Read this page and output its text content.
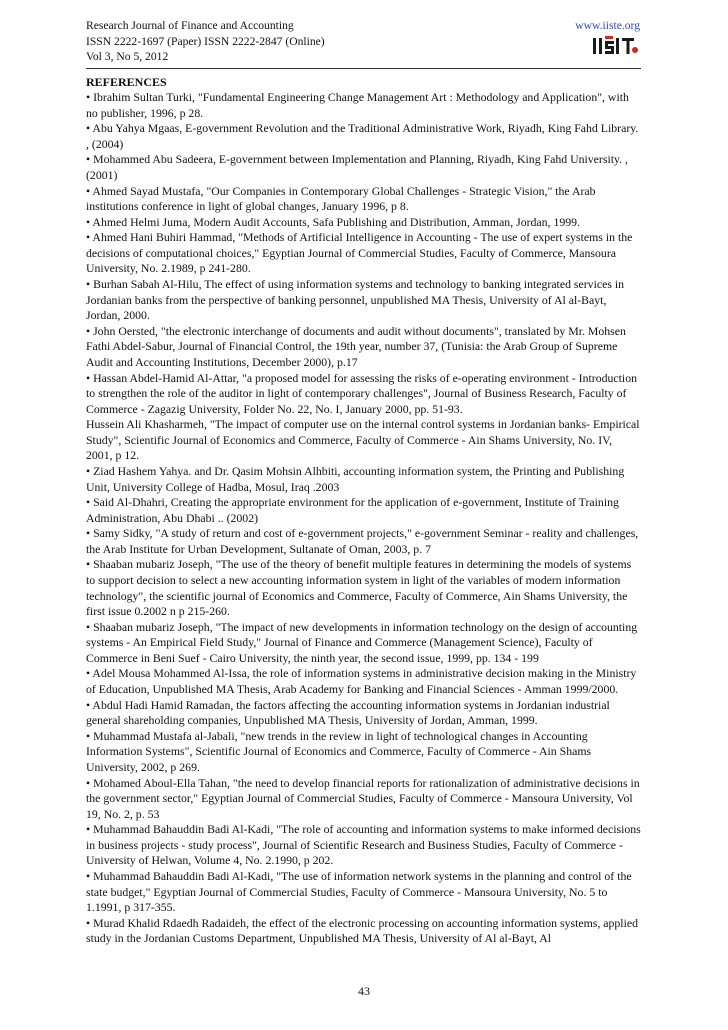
Research Journal of Finance and Accounting
ISSN 2222-1697 (Paper) ISSN 2222-2847 (Online)
Vol 3, No 5, 2012
www.iiste.org
REFERENCES

• Ibrahim Sultan Turki, "Fundamental Engineering Change Management Art : Methodology and Application", with no publisher, 1996, p 28.

• Abu Yahya Mgaas, E-government Revolution and the Traditional Administrative Work, Riyadh, King Fahd Library. , (2004)

• Mohammed Abu Sadeera, E-government between Implementation and Planning, Riyadh, King Fahd University. , (2001)

• Ahmed Sayad Mustafa, "Our Companies in Contemporary Global Challenges - Strategic Vision," the Arab institutions conference in light of global changes, January 1996, p 8.

• Ahmed Helmi Juma, Modern Audit Accounts, Safa Publishing and Distribution, Amman, Jordan, 1999.

• Ahmed Hani Buhiri Hammad, "Methods of Artificial Intelligence in Accounting - The use of expert systems in the decisions of computational choices," Egyptian Journal of Commercial Studies, Faculty of Commerce, Mansoura University, No. 2.1989, p 241-280.

• Burhan Sabah Al-Hilu, The effect of using information systems and technology to banking integrated services in Jordanian banks from the perspective of banking personnel, unpublished MA Thesis, University of Al al-Bayt, Jordan, 2000.

• John Oersted, "the electronic interchange of documents and audit without documents", translated by Mr. Mohsen Fathi Abdel-Sabur, Journal of Financial Control, the 19th year, number 37, (Tunisia: the Arab Group of Supreme Audit and Accounting Institutions, December 2000), p.17

• Hassan Abdel-Hamid Al-Attar, "a proposed model for assessing the risks of e-operating environment - Introduction to strengthen the role of the auditor in light of contemporary challenges", Journal of Business Research, Faculty of Commerce - Zagazig University, Folder No. 22, No. I, January 2000, pp. 51-93.

Hussein Ali Khasharmeh, "The impact of computer use on the internal control systems in Jordanian banks- Empirical Study", Scientific Journal of Economics and Commerce, Faculty of Commerce - Ain Shams University, No. IV, 2001, p 12.

• Ziad Hashem Yahya. and Dr. Qasim Mohsin Alhbiti, accounting information system, the Printing and Publishing Unit, University College of Hadba, Mosul, Iraq .2003

• Said Al-Dhahri, Creating the appropriate environment for the application of e-government, Institute of Training Administration, Abu Dhabi .. (2002)

• Samy Sidky, "A study of return and cost of e-government projects," e-government Seminar - reality and challenges, the Arab Institute for Urban Development, Sultanate of Oman, 2003, p. 7

• Shaaban mubariz Joseph, "The use of the theory of benefit multiple features in determining the models of systems to support decision to select a new accounting information system in light of the variables of modern information technology", the scientific journal of Economics and Commerce, Faculty of Commerce, Ain Shams University, the first issue 0.2002 n p 215-260.

• Shaaban mubariz Joseph, "The impact of new developments in information technology on the design of accounting systems - An Empirical Field Study," Journal of Finance and Commerce (Management Science), Faculty of Commerce in Beni Suef - Cairo University, the ninth year, the second issue, 1999, pp. 134 - 199

• Adel Mousa Mohammed Al-Issa, the role of information systems in administrative decision making in the Ministry of Education, Unpublished MA Thesis, Arab Academy for Banking and Financial Sciences - Amman 1999/2000.

• Abdul Hadi Hamid Ramadan, the factors affecting the accounting information systems in Jordanian industrial general shareholding companies, Unpublished MA Thesis, University of Jordan, Amman, 1999.

• Muhammad Mustafa al-Jabali, "new trends in the review in light of technological changes in Accounting Information Systems", Scientific Journal of Economics and Commerce, Faculty of Commerce - Ain Shams University, 2002, p 269.

• Mohamed Aboul-Ella Tahan, "the need to develop financial reports for rationalization of administrative decisions in the government sector," Egyptian Journal of Commercial Studies, Faculty of Commerce - Mansoura University, Vol 19, No. 2, p. 53

• Muhammad Bahauddin Badi Al-Kadi, "The role of accounting and information systems to make informed decisions in business projects - study process", Journal of Scientific Research and Business Studies, Faculty of Commerce - University of Helwan, Volume 4, No. 2.1990, p 202.

• Muhammad Bahauddin Badi Al-Kadi, "The use of information network systems in the planning and control of the state budget," Egyptian Journal of Commercial Studies, Faculty of Commerce - Mansoura University, No. 5 to 1.1991, p 317-355.

• Murad Khalid Rdaedh Radaideh, the effect of the electronic processing on accounting information systems, applied study in the Jordanian Customs Department, Unpublished MA Thesis, University of Al al-Bayt, Al

43
